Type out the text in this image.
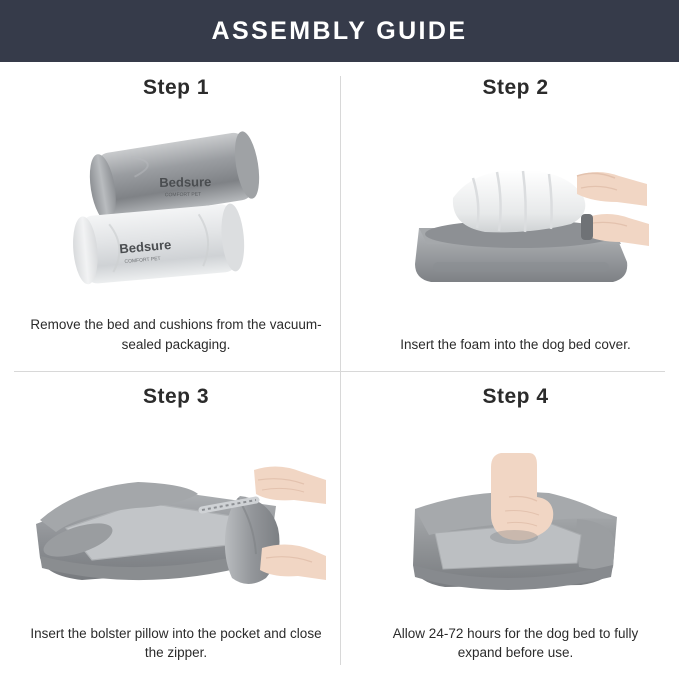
ASSEMBLY GUIDE
Step 1
Bedsure
COMFORT PET
Bedsure
COMFORT PET
Remove the bed and cushions from the vacuum-sealed packaging.
Step 2
Insert the foam into the dog bed cover.
Step 3
Insert the bolster pillow into the pocket and close the zipper.
Step 4
Allow 24-72 hours for the dog bed to fully expand before use.
